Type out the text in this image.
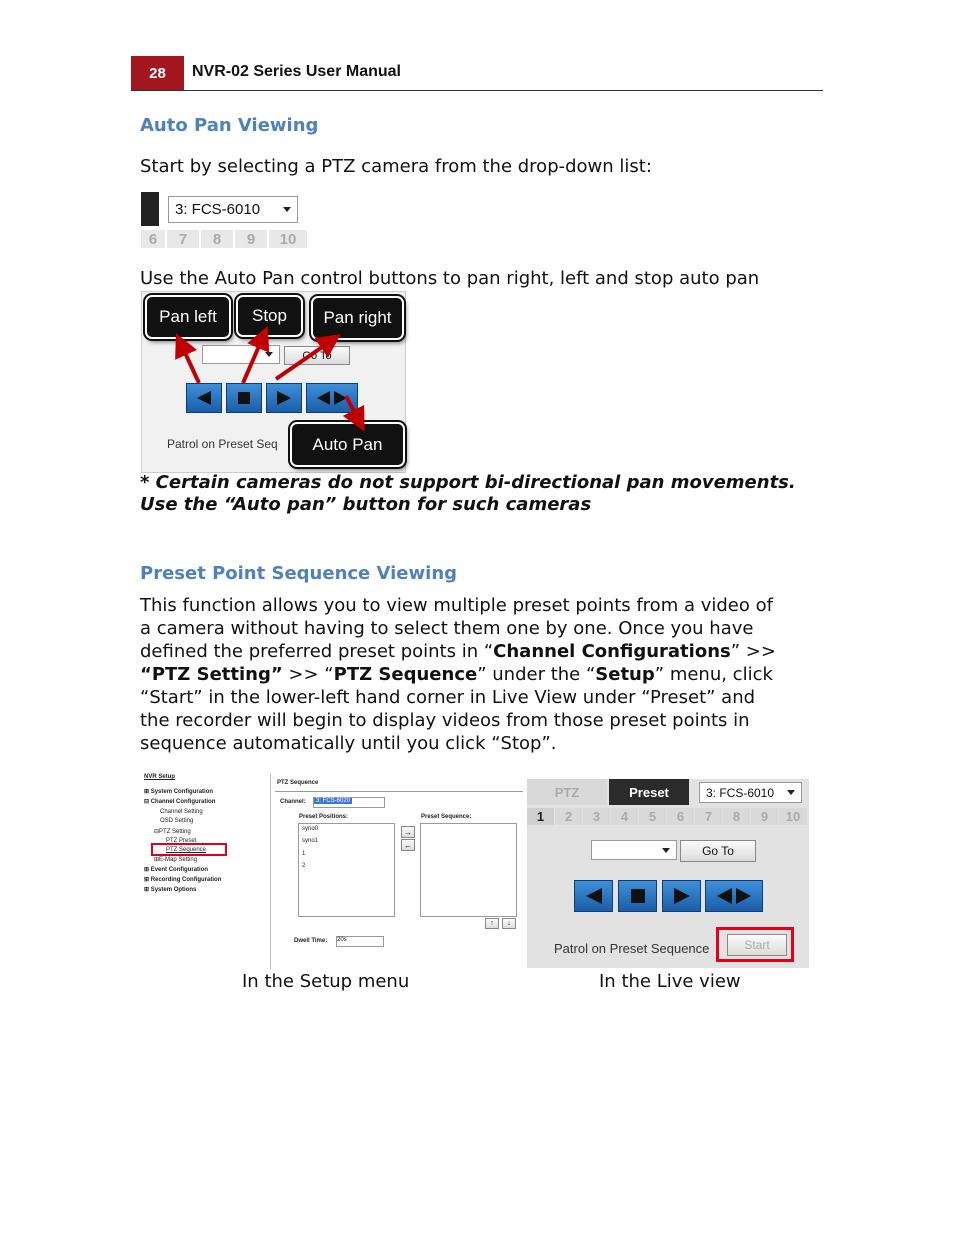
28	NVR-02 Series User Manual
Auto Pan Viewing
Start by selecting a PTZ camera from the drop-down list:
3: FCS-6010
6	7	8	9	10
Use the Auto Pan control buttons to pan right, left and stop auto pan
Go To
Patrol on Preset Seq
Pan left	Stop	Pan right
Auto Pan
* Certain cameras do not support bi-directional pan movements.
Use the “Auto pan” button for such cameras
Preset Point Sequence Viewing
This function allows you to view multiple preset points from a video of
a camera without having to select them one by one. Once you have
defined the preferred preset points in “Channel Configurations” >>
“PTZ Setting” >> “PTZ Sequence” under the “Setup” menu, click
“Start” in the lower-left hand corner in Live View under “Preset” and
the recorder will begin to display videos from those preset points in
sequence automatically until you click “Stop”.
NVR Setup
⊞ System Configuration
⊟ Channel Configuration
Channel Setting
OSD Setting
⊟PTZ Setting
PTZ Preset
PTZ Sequence
⊞E-Map Setting
⊞ Event Configuration
⊞ Recording Configuration
⊞ System Options
PTZ Sequence
Channel:	3: FCS-6020
Preset Positions:	Preset Sequence:
syno0
syno1
1
2
→
←
↑	↓
Dwell Time: 20s
In the Setup menu
PTZ	Preset	3: FCS-6010
1	2	3	4	5	6	7	8	9	10
Go To
Patrol on Preset Sequence	Start
In the Live view
